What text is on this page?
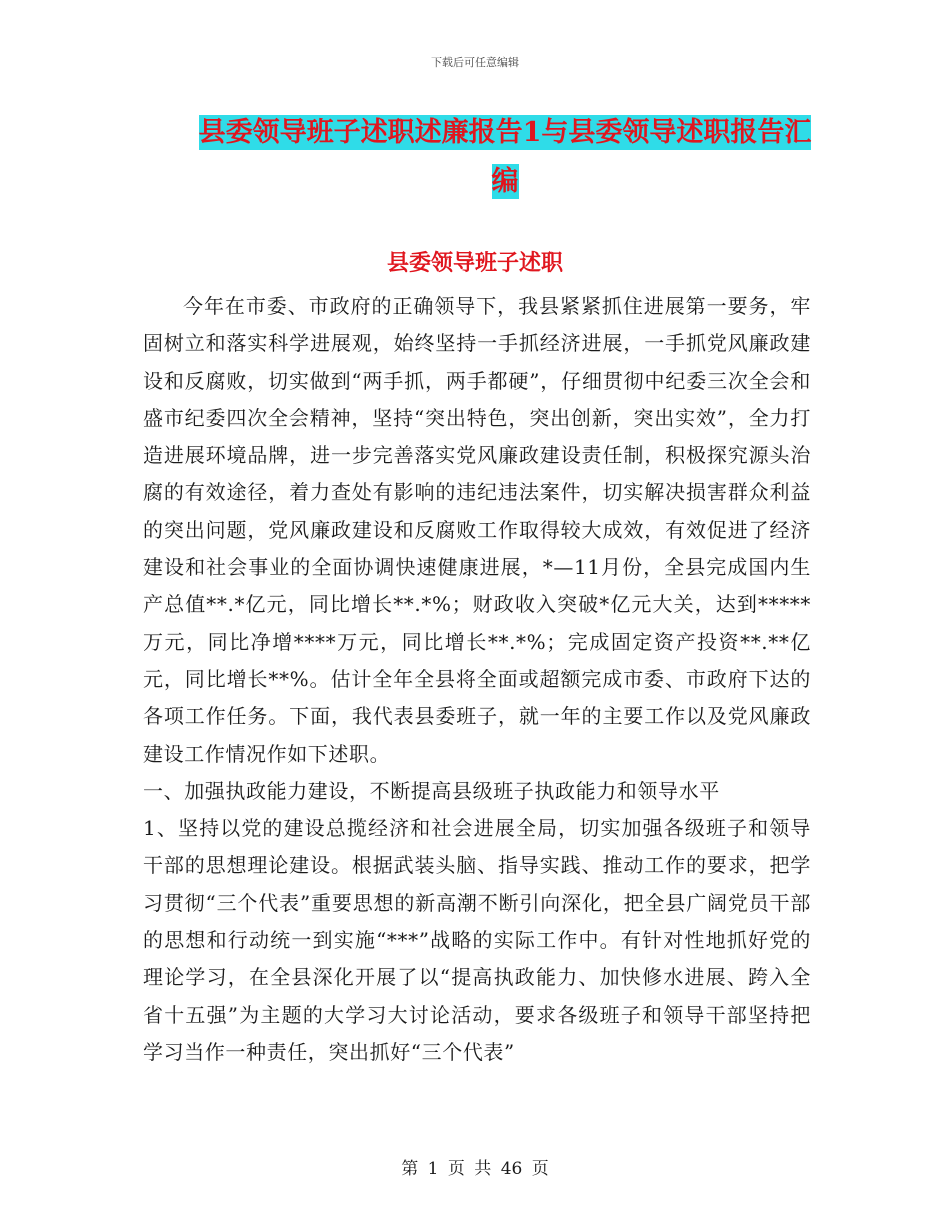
下载后可任意编辑
县委领导班子述职述廉报告1与县委领导述职报告汇编
县委领导班子述职

今年在市委、市政府的正确领导下，我县紧紧抓住进展第一要务，牢固树立和落实科学进展观，始终坚持一手抓经济进展，一手抓党风廉政建设和反腐败，切实做到“两手抓，两手都硬”，仔细贯彻中纪委三次全会和盛市纪委四次全会精神，坚持“突出特色，突出创新，突出实效”，全力打造进展环境品牌，进一步完善落实党风廉政建设责任制，积极探究源头治腐的有效途径，着力查处有影响的违纪违法案件，切实解决损害群众利益的突出问题，党风廉政建设和反腐败工作取得较大成效，有效促进了经济建设和社会事业的全面协调快速健康进展，*—11月份，全县完成国内生产总值**.*亿元，同比增长**.*%；财政收入突破*亿元大关，达到*****万元，同比净增****万元，同比增长**.*%；完成固定资产投资**.**亿元，同比增长**%。估计全年全县将全面或超额完成市委、市政府下达的各项工作任务。下面，我代表县委班子，就一年的主要工作以及党风廉政建设工作情况作如下述职。

一、加强执政能力建设，不断提高县级班子执政能力和领导水平

1、坚持以党的建设总揽经济和社会进展全局，切实加强各级班子和领导干部的思想理论建设。根据武装头脑、指导实践、推动工作的要求，把学习贯彻“三个代表”重要思想的新高潮不断引向深化，把全县广阔党员干部的思想和行动统一到实施“***”战略的实际工作中。有针对性地抓好党的理论学习，在全县深化开展了以“提高执政能力、加快修水进展、跨入全省十五强”为主题的大学习大讨论活动，要求各级班子和领导干部坚持把学习当作一种责任，突出抓好“三个代表”

第 1 页 共 46 页
